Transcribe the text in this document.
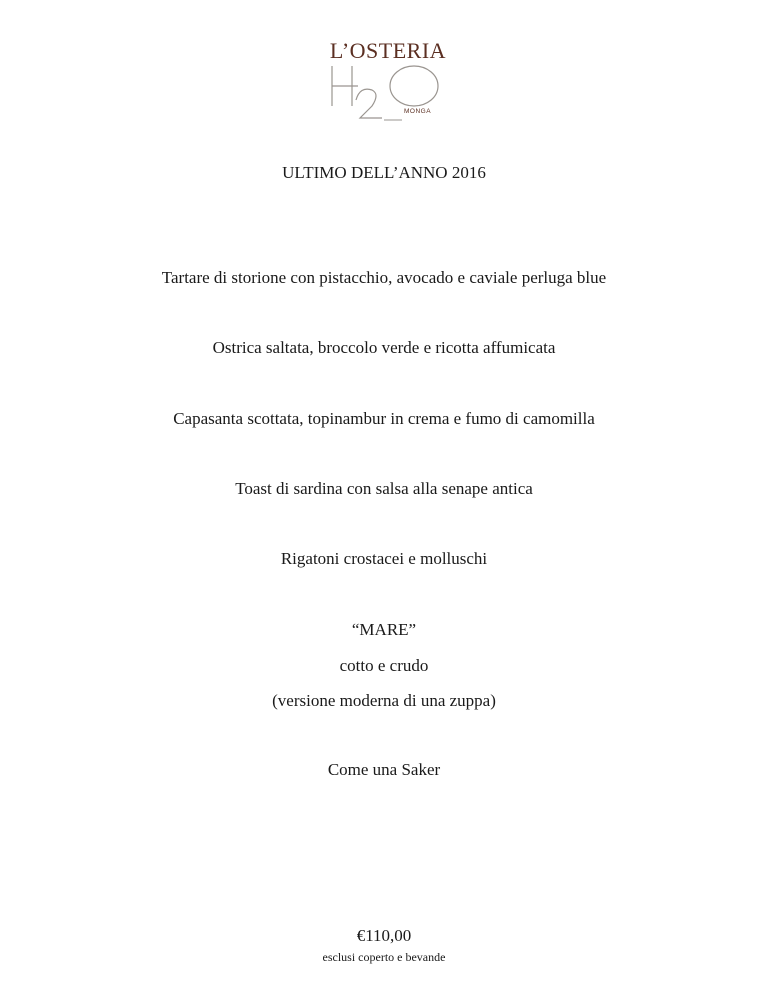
L’OSTERIA
MONGA
ULTIMO DELL’ANNO 2016
Tartare di storione con pistacchio, avocado e caviale perluga blue
Ostrica saltata, broccolo verde e ricotta affumicata
Capasanta scottata, topinambur in crema e fumo di camomilla
Toast di sardina con salsa alla senape antica
Rigatoni crostacei e molluschi
“MARE”
cotto e crudo
(versione moderna di una zuppa)
Come una Saker
€110,00
esclusi coperto e bevande
